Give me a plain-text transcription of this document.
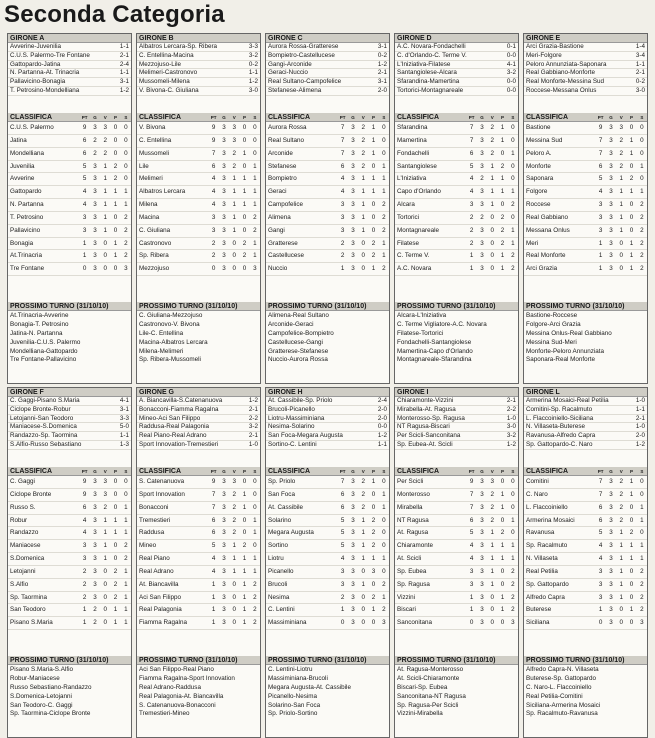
Seconda Categoria
GIRONE A
Avverine-Juvenilia	1-1
C.U.S. Palermo-Tre Fontane	2-1
Gattopardo-Jatina	2-4
N. Partanna-At. Trinacria	1-1
Pallavicino-Bonagia	3-1
T. Petrosino-Mondelliana	1-2
CLASSIFICA	PT	G	V	P	S
C.U.S. Palermo	9	3	3	0	0
Jatina	6	2	2	0	0
Mondelliana	6	2	2	0	0
Juvenilia	5	3	1	2	0
Avverine	5	3	1	2	0
Gattopardo	4	3	1	1	1
N. Partanna	4	3	1	1	1
T. Petrosino	3	3	1	0	2
Pallavicino	3	3	1	0	2
Bonagia	1	3	0	1	2
At.Trinacria	1	3	0	1	2
Tre Fontane	0	3	0	0	3
PROSSIMO TURNO (31/10/10)
At.Trinacria-Avverine
Bonagia-T. Petrosino
Jatina-N. Partanna
Juvenilia-C.U.S. Palermo
Mondelliana-Gattopardo
Tre Fontane-Pallavicino
GIRONE B
Albatros Lercara-Sp. Ribera	3-3
C. Entellina-Macina	3-2
Mezzojuso-Lile	0-2
Melimeri-Castronovo	1-1
Mussomeli-Milena	1-2
V. Bivona-C. Giuliana	3-0
CLASSIFICA	PT	G	V	P	S
V. Bivona	9	3	3	0	0
C. Entellina	9	3	3	0	0
Mussomeli	7	3	2	1	0
Lile	6	3	2	0	1
Melimeri	4	3	1	1	1
Albatros Lercara	4	3	1	1	1
Milena	4	3	1	1	1
Macina	3	3	1	0	2
C. Giuliana	3	3	1	0	2
Castronovo	2	3	0	2	1
Sp. Ribera	2	3	0	2	1
Mezzojuso	0	3	0	0	3
PROSSIMO TURNO (31/10/10)
C. Giuliana-Mezzojuso
Castronovo-V. Bivona
Lile-C. Entellina
Macina-Albatros Lercara
Milena-Melimeri
Sp. Ribera-Mussomeli
GIRONE C
Aurora Rossa-Gratterese	3-1
Bompietro-Castellucese	0-2
Gangi-Arconide	1-2
Geraci-Nuccio	2-1
Real Sultano-Campofelice	3-1
Stefanese-Alimena	2-0
CLASSIFICA	PT	G	V	P	S
Aurora Rossa	7	3	2	1	0
Real Sultano	7	3	2	1	0
Arconide	7	3	2	1	0
Stefanese	6	3	2	0	1
Bompietro	4	3	1	1	1
Geraci	4	3	1	1	1
Campofelice	3	3	1	0	2
Alimena	3	3	1	0	2
Gangi	3	3	1	0	2
Gratterese	2	3	0	2	1
Castellucese	2	3	0	2	1
Nuccio	1	3	0	1	2
PROSSIMO TURNO (31/10/10)
Alimena-Real Sultano
Arconide-Geraci
Campofelice-Bompietro
Castellucese-Gangi
Gratterese-Stefanese
Nuccio-Aurora Rossa
GIRONE D
A.C. Novara-Fondachelli	0-1
C. d'Orlando-C. Terme V.	0-0
L'Iniziativa-Filatese	4-1
Santangiolese-Alcara	3-2
Sfarandina-Mamertina	0-0
Tortorici-Montagnareale	0-0
CLASSIFICA	PT	G	V	P	S
Sfarandina	7	3	2	1	0
Mamertina	7	3	2	1	0
Fondachelli	6	3	2	0	1
Santangiolese	5	3	1	2	0
L'Iniziativa	4	2	1	1	0
Capo d'Orlando	4	3	1	1	1
Alcara	3	3	1	0	2
Tortorici	2	2	0	2	0
Montagnareale	2	3	0	2	1
Filatese	2	3	0	2	1
C. Terme V.	1	3	0	1	2
A.C. Novara	1	3	0	1	2
PROSSIMO TURNO (31/10/10)
Alcara-L'Iniziativa
C. Terme Vigliatore-A.C. Novara
Filatese-Tortorici
Fondachelli-Santangiolese
Mamertina-Capo d'Orlando
Montagnareale-Sfarandina
GIRONE E
Arci Grazia-Bastione	1-4
Meri-Folgore	3-4
Peloro Annunziata-Saponara	1-1
Real Gabbiano-Monforte	2-1
Real Monforte-Messina Sud	0-2
Roccese-Messana Onlus	3-0
CLASSIFICA	PT	G	V	P	S
Bastione	9	3	3	0	0
Messina Sud	7	3	2	1	0
Peloro A.	7	3	2	1	0
Monforte	6	3	2	0	1
Saponara	5	3	1	2	0
Folgore	4	3	1	1	1
Roccese	3	3	1	0	2
Real Gabbiano	3	3	1	0	2
Messana Onlus	3	3	1	0	2
Meri	1	3	0	1	2
Real Monforte	1	3	0	1	2
Arci Grazia	1	3	0	1	2
PROSSIMO TURNO (31/10/10)
Bastione-Roccese
Folgore-Arci Grazia
Messina Onlus-Real Gabbiano
Messina Sud-Meri
Monforte-Peloro Annunziata
Saponara-Real Monforte
GIRONE F
C. Gaggi-Pisano S.Maria	4-1
Ciclope Bronte-Robur	3-1
Letojanni-San Teodoro	3-3
Maniacese-S.Domenica	5-0
Randazzo-Sp. Taormina	1-1
S.Alfio-Russo Sebastiano	1-3
CLASSIFICA	PT	G	V	P	S
C. Gaggi	9	3	3	0	0
Ciclope Bronte	9	3	3	0	0
Russo S.	6	3	2	0	1
Robur	4	3	1	1	1
Randazzo	4	3	1	1	1
Maniacese	3	3	1	0	2
S.Domenica	3	3	1	0	2
Letojanni	2	3	0	2	1
S.Alfio	2	3	0	2	1
Sp. Taormina	2	3	0	2	1
San Teodoro	1	2	0	1	1
Pisano S.Maria	1	2	0	1	1
PROSSIMO TURNO (31/10/10)
Pisano S.Maria-S.Alfio
Robur-Maniacese
Russo Sebastiano-Randazzo
S.Domenica-Letojanni
San Teodoro-C. Gaggi
Sp. Taormina-Ciclope Bronte
GIRONE G
A. Biancavilla-S.Catenanuova	1-2
Bonacconi-Fiamma Ragalna	2-1
Mineo-Aci San Filippo	2-2
Raddusa-Real Palagonia	3-2
Real Piano-Real Adrano	2-1
Sport Innovation-Tremestieri	1-0
CLASSIFICA	PT	G	V	P	S
S. Catenanuova	9	3	3	0	0
Sport Innovation	7	3	2	1	0
Bonacconi	7	3	2	1	0
Tremestieri	6	3	2	0	1
Raddusa	6	3	2	0	1
Mineo	5	3	1	2	0
Real Piano	4	3	1	1	1
Real Adrano	4	3	1	1	1
At. Biancavilla	1	3	0	1	2
Aci San Filippo	1	3	0	1	2
Real Palagonia	1	3	0	1	2
Fiamma Ragalna	1	3	0	1	2
PROSSIMO TURNO (31/10/10)
Aci San Filippo-Real Piano
Fiamma Ragalna-Sport Innovation
Real Adrano-Raddusa
Real Palagonia-At. Biancavilla
S. Catenanuova-Bonacconi
Tremestieri-Mineo
GIRONE H
At. Cassibile-Sp. Priolo	2-4
Brucoli-Picanello	2-0
Liotru-Massiminiana	2-0
Nesima-Solarino	0-0
San Foca-Megara Augusta	1-2
Sortino-C. Lentini	1-1
CLASSIFICA	PT	G	V	P	S
Sp. Priolo	7	3	2	1	0
San Foca	6	3	2	0	1
At. Cassibile	6	3	2	0	1
Solarino	5	3	1	2	0
Megara Augusta	5	3	1	2	0
Sortino	5	3	1	2	0
Liotru	4	3	1	1	1
Picanello	3	3	0	3	0
Brucoli	3	3	1	0	2
Nesima	2	3	0	2	1
C. Lentini	1	3	0	1	2
Massiminiana	0	3	0	0	3
PROSSIMO TURNO (31/10/10)
C. Lentini-Liotru
Massiminiana-Brucoli
Megara Augusta-At. Cassibile
Picanello-Nesima
Solarino-San Foca
Sp. Priolo-Sortino
GIRONE I
Chiaramonte-Vizzini	2-1
Mirabella-At. Ragusa	2-2
Monterosso-Sp. Ragusa	1-0
NT Ragusa-Biscari	3-0
Per Scicli-Sanconitana	3-2
Sp. Eubea-At. Scicli	1-2
CLASSIFICA	PT	G	V	P	S
Per Scicli	9	3	3	0	0
Monterosso	7	3	2	1	0
Mirabella	7	3	2	1	0
NT Ragusa	6	3	2	0	1
At. Ragusa	5	3	1	2	0
Chiaramonte	4	3	1	1	1
At. Scicli	4	3	1	1	1
Sp. Eubea	3	3	1	0	2
Sp. Ragusa	3	3	1	0	2
Vizzini	1	3	0	1	2
Biscari	1	3	0	1	2
Sanconitana	0	3	0	0	3
PROSSIMO TURNO (31/10/10)
At. Ragusa-Monterosso
At. Scicli-Chiaramonte
Biscari-Sp. Eubea
Sanconitana-NT Ragusa
Sp. Ragusa-Per Scicli
Vizzini-Mirabella
GIRONE L
Armerina Mosaici-Real Petilia	1-0
Comitini-Sp. Racalmuto	1-1
L. Flaccoiniello-Siciliana	2-1
N. Villaseta-Buterese	1-0
Ravanusa-Alfredo Capra	2-0
Sp. Gattopardo-C. Naro	1-2
CLASSIFICA	PT	G	V	P	S
Comitini	7	3	2	1	0
C. Naro	7	3	2	1	0
L. Flaccoiniello	6	3	2	0	1
Armerina Mosaici	6	3	2	0	1
Ravanusa	5	3	1	2	0
Sp. Racalmuto	4	3	1	1	1
N. Villaseta	4	3	1	1	1
Real Petilia	3	3	1	0	2
Sp. Gattopardo	3	3	1	0	2
Alfredo Capra	3	3	1	0	2
Buterese	1	3	0	1	2
Siciliana	0	3	0	0	3
PROSSIMO TURNO (31/10/10)
Alfredo Capra-N. Villaseta
Buterese-Sp. Gattopardo
C. Naro-L. Flaccoiniello
Real Petilia-Comitini
Siciliana-Armerina Mosaici
Sp. Racalmuto-Ravanusa
